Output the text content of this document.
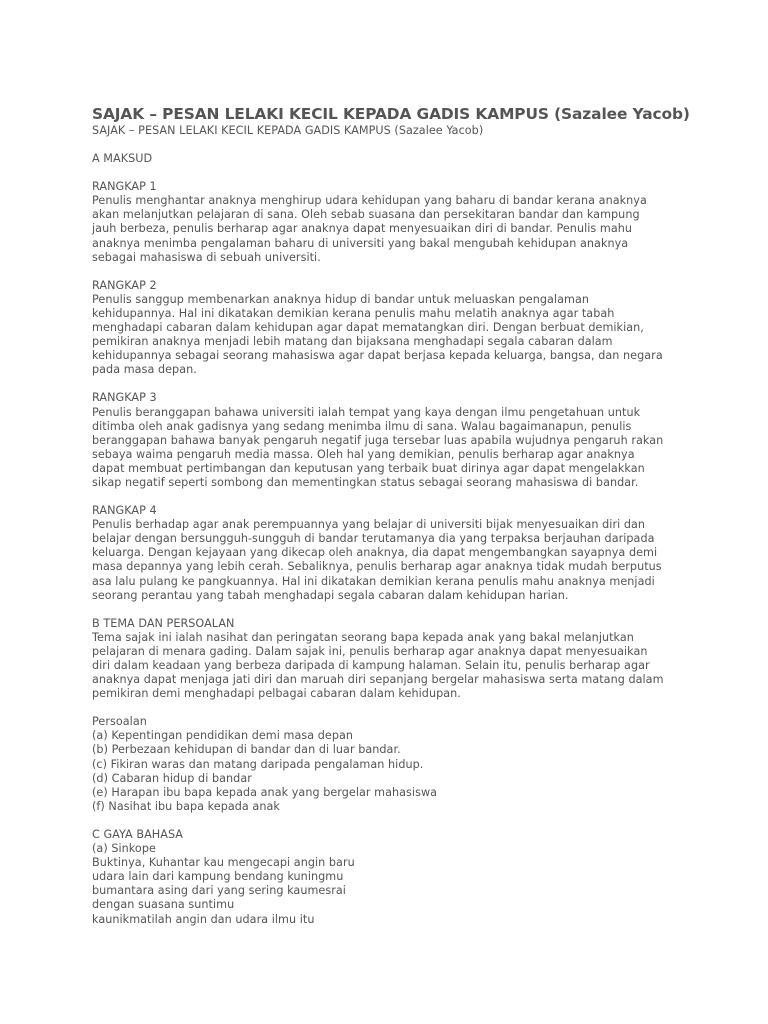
SAJAK – PESAN LELAKI KECIL KEPADA GADIS KAMPUS (Sazalee Yacob)
SAJAK – PESAN LELAKI KECIL KEPADA GADIS KAMPUS (Sazalee Yacob)
A MAKSUD
RANGKAP 1
Penulis menghantar anaknya menghirup udara kehidupan yang baharu di bandar kerana anaknya
akan melanjutkan pelajaran di sana. Oleh sebab suasana dan persekitaran bandar dan kampung
jauh berbeza, penulis berharap agar anaknya dapat menyesuaikan diri di bandar. Penulis mahu
anaknya menimba pengalaman baharu di universiti yang bakal mengubah kehidupan anaknya
sebagai mahasiswa di sebuah universiti.
RANGKAP 2
Penulis sanggup membenarkan anaknya hidup di bandar untuk meluaskan pengalaman
kehidupannya. Hal ini dikatakan demikian kerana penulis mahu melatih anaknya agar tabah
menghadapi cabaran dalam kehidupan agar dapat mematangkan diri. Dengan berbuat demikian,
pemikiran anaknya menjadi lebih matang dan bijaksana menghadapi segala cabaran dalam
kehidupannya sebagai seorang mahasiswa agar dapat berjasa kepada keluarga, bangsa, dan negara
pada masa depan.
RANGKAP 3
Penulis beranggapan bahawa universiti ialah tempat yang kaya dengan ilmu pengetahuan untuk
ditimba oleh anak gadisnya yang sedang menimba ilmu di sana. Walau bagaimanapun, penulis
beranggapan bahawa banyak pengaruh negatif juga tersebar luas apabila wujudnya pengaruh rakan
sebaya waima pengaruh media massa. Oleh hal yang demikian, penulis berharap agar anaknya
dapat membuat pertimbangan dan keputusan yang terbaik buat dirinya agar dapat mengelakkan
sikap negatif seperti sombong dan mementingkan status sebagai seorang mahasiswa di bandar.
RANGKAP 4
Penulis berhadap agar anak perempuannya yang belajar di universiti bijak menyesuaikan diri dan
belajar dengan bersungguh-sungguh di bandar terutamanya dia yang terpaksa berjauhan daripada
keluarga. Dengan kejayaan yang dikecap oleh anaknya, dia dapat mengembangkan sayapnya demi
masa depannya yang lebih cerah. Sebaliknya, penulis berharap agar anaknya tidak mudah berputus
asa lalu pulang ke pangkuannya. Hal ini dikatakan demikian kerana penulis mahu anaknya menjadi
seorang perantau yang tabah menghadapi segala cabaran dalam kehidupan harian.
B TEMA DAN PERSOALAN
Tema sajak ini ialah nasihat dan peringatan seorang bapa kepada anak yang bakal melanjutkan
pelajaran di menara gading. Dalam sajak ini, penulis berharap agar anaknya dapat menyesuaikan
diri dalam keadaan yang berbeza daripada di kampung halaman. Selain itu, penulis berharap agar
anaknya dapat menjaga jati diri dan maruah diri sepanjang bergelar mahasiswa serta matang dalam
pemikiran demi menghadapi pelbagai cabaran dalam kehidupan.
Persoalan
(a) Kepentingan pendidikan demi masa depan
(b) Perbezaan kehidupan di bandar dan di luar bandar.
(c) Fikiran waras dan matang daripada pengalaman hidup.
(d) Cabaran hidup di bandar
(e) Harapan ibu bapa kepada anak yang bergelar mahasiswa
(f) Nasihat ibu bapa kepada anak
C GAYA BAHASA
(a) Sinkope
Buktinya, Kuhantar kau mengecapi angin baru
udara lain dari kampung bendang kuningmu
bumantara asing dari yang sering kaumesrai
dengan suasana suntimu
kaunikmatilah angin dan udara ilmu itu
